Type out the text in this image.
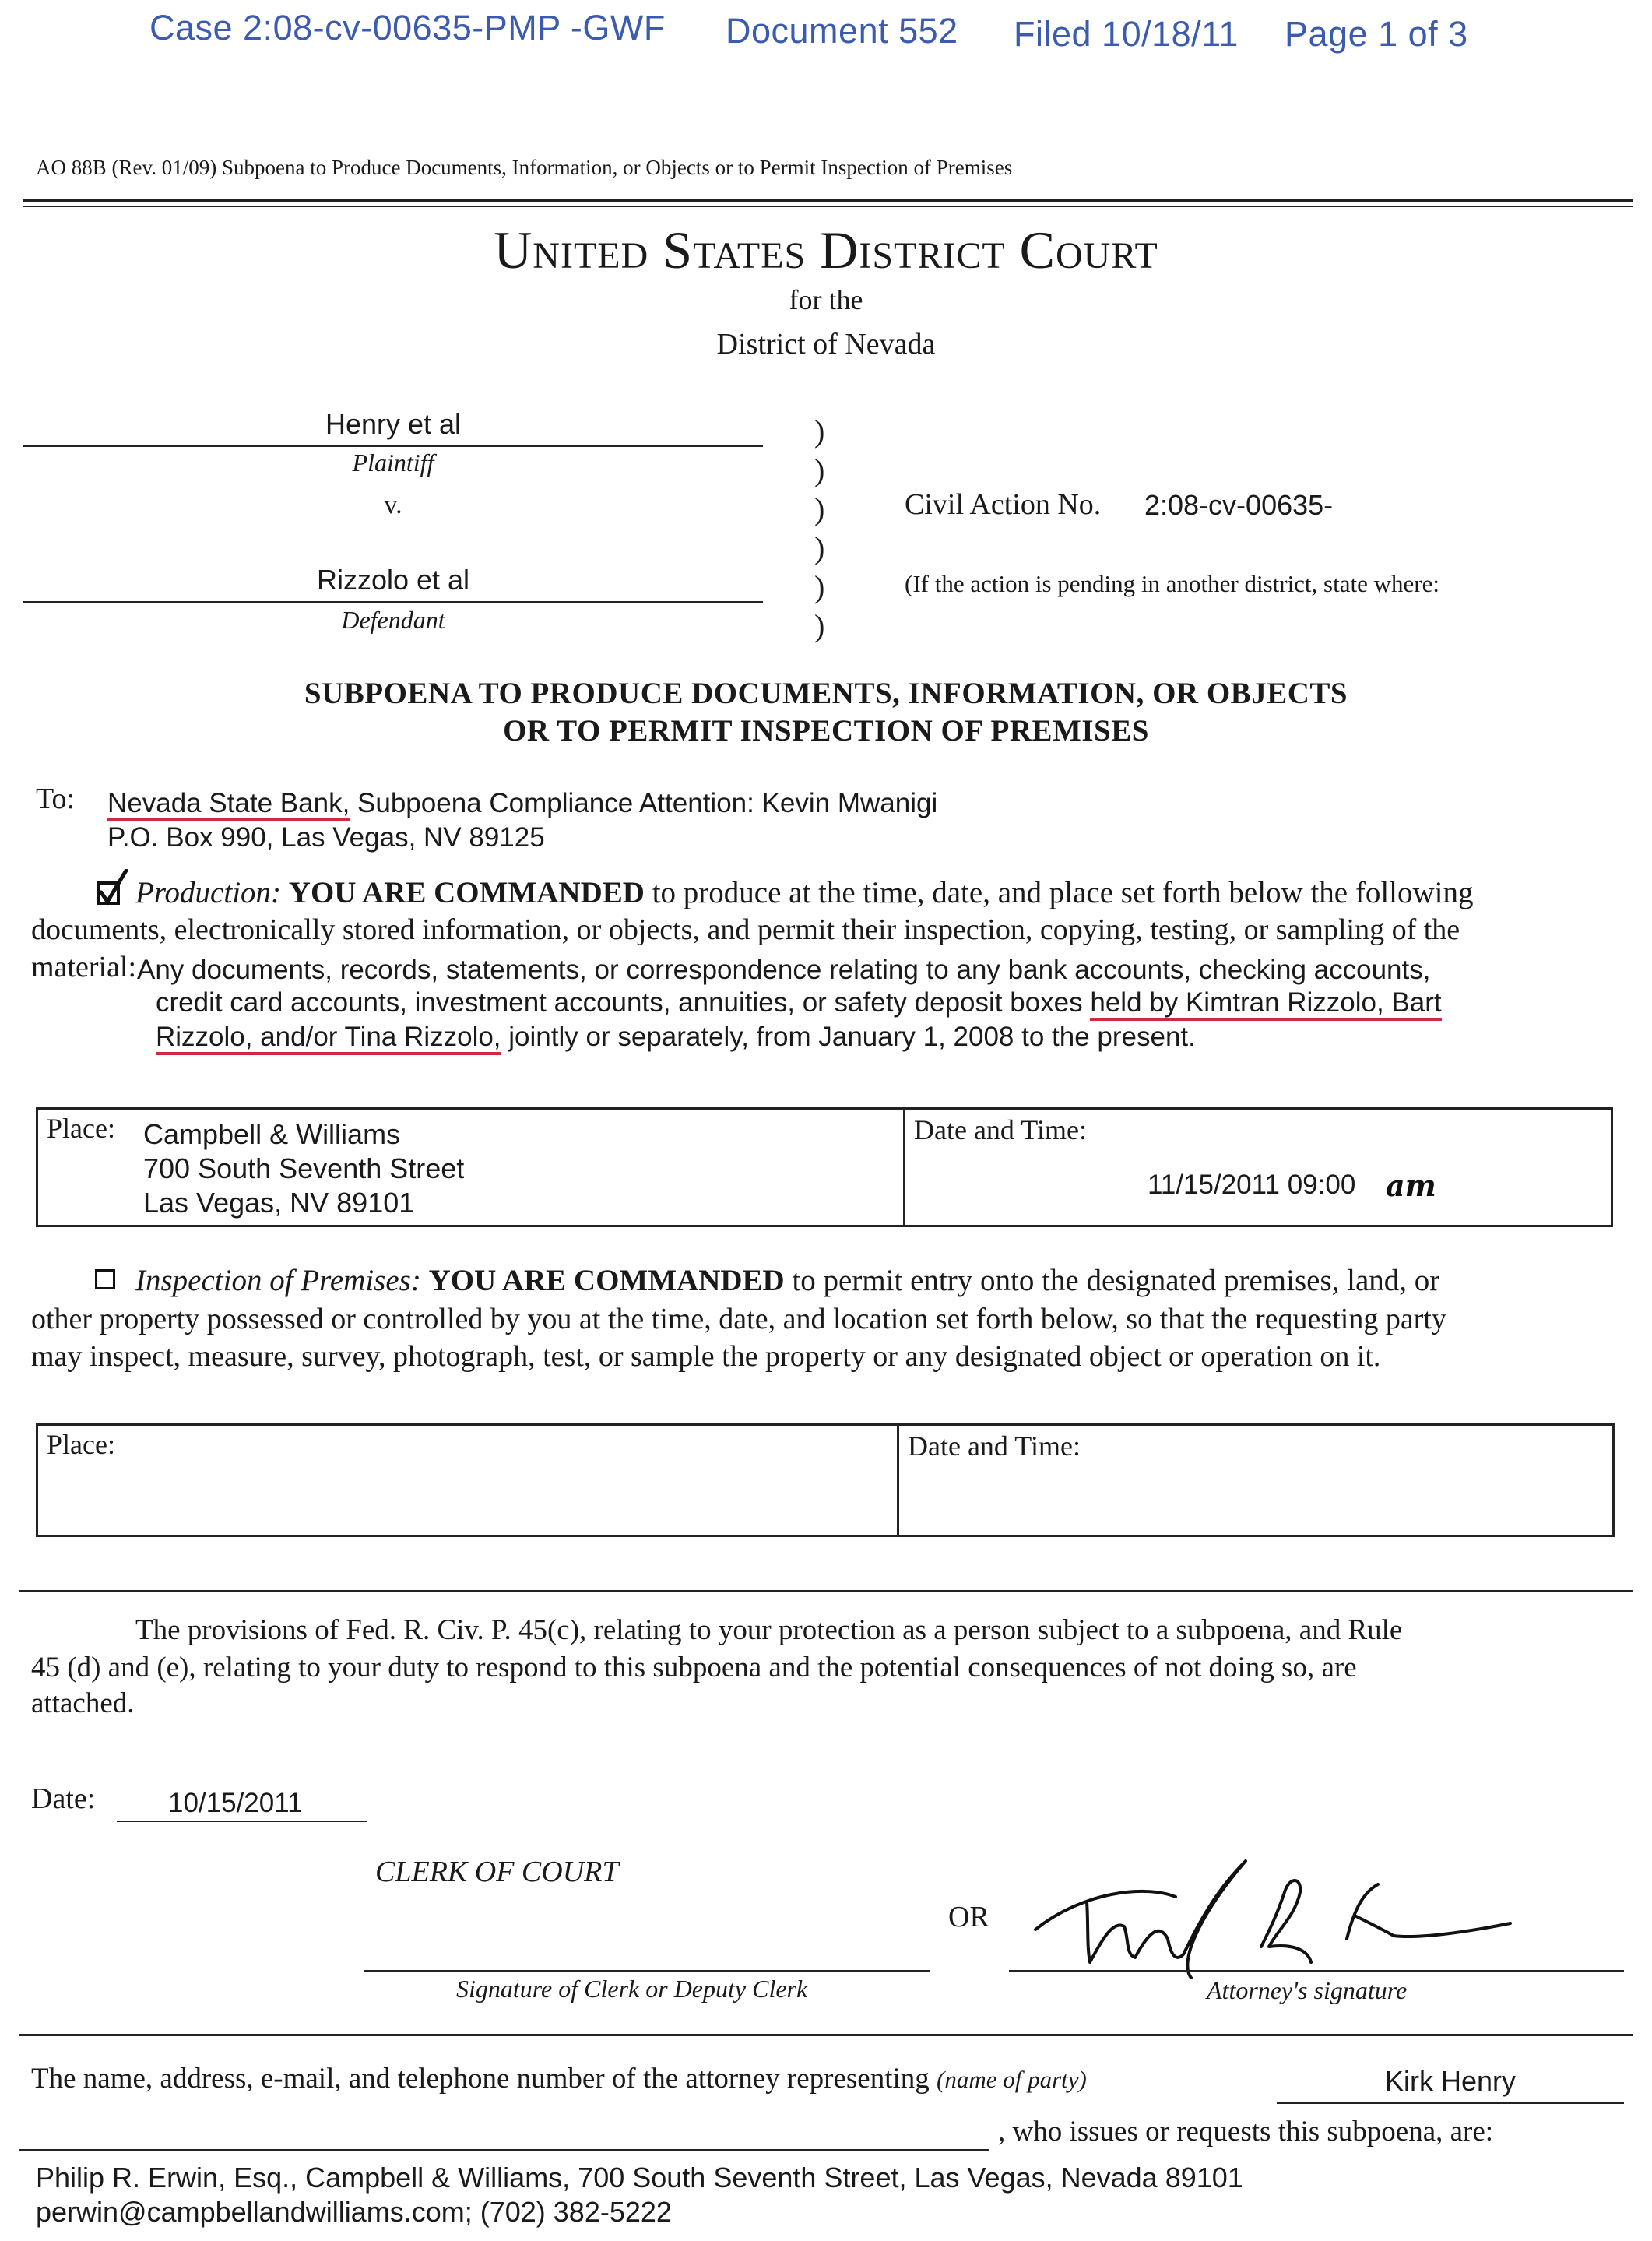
Case 2:08-cv-00635-PMP -GWF Document 552 Filed 10/18/11 Page 1 of 3
AO 88B (Rev. 01/09) Subpoena to Produce Documents, Information, or Objects or to Permit Inspection of Premises
United States District Court
for the
District of Nevada
Henry et al
Plaintiff
v.
Rizzolo et al
Defendant
)
)
)
)
)
)
Civil Action No. 2:08-cv-00635-
(If the action is pending in another district, state where:
SUBPOENA TO PRODUCE DOCUMENTS, INFORMATION, OR OBJECTS
OR TO PERMIT INSPECTION OF PREMISES
To: Nevada State Bank, Subpoena Compliance Attention: Kevin Mwanigi
P.O. Box 990, Las Vegas, NV 89125
Production: YOU ARE COMMANDED to produce at the time, date, and place set forth below the following
documents, electronically stored information, or objects, and permit their inspection, copying, testing, or sampling of the
material: Any documents, records, statements, or correspondence relating to any bank accounts, checking accounts,
credit card accounts, investment accounts, annuities, or safety deposit boxes held by Kimtran Rizzolo, Bart
Rizzolo, and/or Tina Rizzolo, jointly or separately, from January 1, 2008 to the present.
Place: Campbell & Williams
700 South Seventh Street
Las Vegas, NV 89101
Date and Time:
11/15/2011 09:00 am
Inspection of Premises: YOU ARE COMMANDED to permit entry onto the designated premises, land, or
other property possessed or controlled by you at the time, date, and location set forth below, so that the requesting party
may inspect, measure, survey, photograph, test, or sample the property or any designated object or operation on it.
Place:	Date and Time:
The provisions of Fed. R. Civ. P. 45(c), relating to your protection as a person subject to a subpoena, and Rule
45 (d) and (e), relating to your duty to respond to this subpoena and the potential consequences of not doing so, are
attached.
Date:	10/15/2011
CLERK OF COURT
Signature of Clerk or Deputy Clerk
OR
Attorney's signature
The name, address, e-mail, and telephone number of the attorney representing (name of party)	Kirk Henry
, who issues or requests this subpoena, are:
Philip R. Erwin, Esq., Campbell & Williams, 700 South Seventh Street, Las Vegas, Nevada 89101
perwin@campbellandwilliams.com; (702) 382-5222
